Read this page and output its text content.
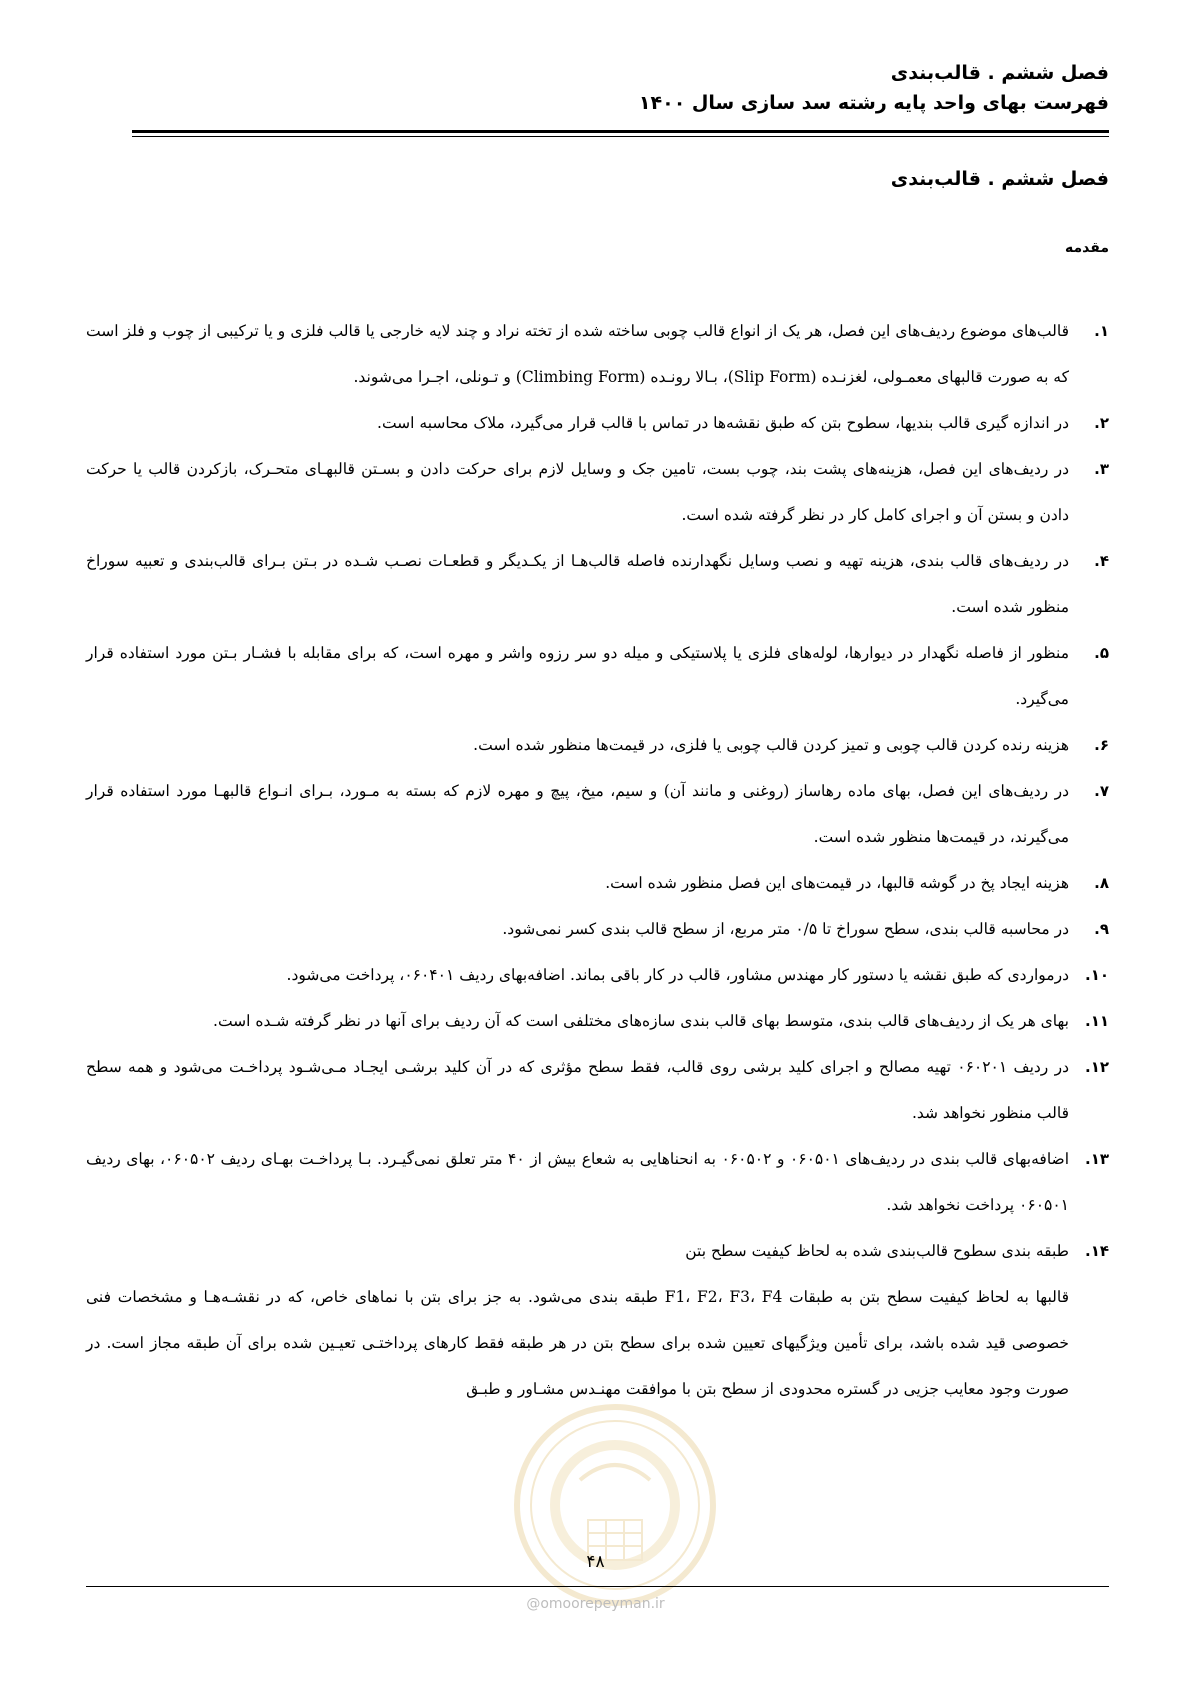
فصل ششم . قالب‌بندی
فهرست بهای واحد پایه رشته سد سازی سال ۱۴۰۰
فصل ششم . قالب‌بندی
مقدمه
۱.
قالب‌های موضوع ردیف‌های این فصل، هر یک از انواع قالب چوبی ساخته شده از تخته نراد و چند لایه خارجی یا قالب فلزی و یا ترکیبی از چوب و فلز است که به صورت قالبهای معمـولی، لغزنـده (Slip Form)، بـالا رونـده (Climbing Form) و تـونلی، اجـرا می‌شوند.
۲.
در اندازه گیری قالب بندیها، سطوح بتن که طبق نقشه‌ها در تماس با قالب قرار می‌گیرد، ملاک محاسبه است.
۳.
در ردیف‌های این فصل، هزینه‌های پشت بند، چوب بست، تامین جک و وسایل لازم برای حرکت دادن و بسـتن قالبهـای متحـرک، بازکردن قالب یا حرکت دادن و بستن آن و اجرای کامل کار در نظر گرفته شده است.
۴.
در ردیف‌های قالب بندی، هزینه تهیه و نصب وسایل نگهدارنده فاصله قالب‌هـا از یکـدیگر و قطعـات نصـب شـده در بـتن بـرای قالب‌بندی و تعبیه سوراخ منظور شده است.
۵.
منظور از فاصله نگهدار در دیوارها، لوله‌های فلزی یا پلاستیکی و میله دو سر رزوه واشر و مهره است، که برای مقابله با فشـار بـتن مورد استفاده قرار می‌گیرد.
۶.
هزینه رنده کردن قالب چوبی و تمیز کردن قالب چوبی یا فلزی، در قیمت‌ها منظور شده است.
۷.
در ردیف‌های این فصل، بهای ماده رهاساز (روغنی و مانند آن) و سیم، میخ، پیچ و مهره لازم که بسته به مـورد، بـرای انـواع قالبهـا مورد استفاده قرار می‌گیرند، در قیمت‌ها منظور شده است.
۸.
هزینه ایجاد پخ در گوشه قالبها، در قیمت‌های این فصل منظور شده است.
۹.
در محاسبه قالب بندی، سطح سوراخ تا ۰/۵ متر مربع، از سطح قالب بندی کسر نمی‌شود.
۱۰.
درمواردی که طبق نقشه یا دستور کار مهندس مشاور، قالب در کار باقی بماند. اضافه‌بهای ردیف ۰۶۰۴۰۱، پرداخت می‌شود.
۱۱.
بهای هر یک از ردیف‌های قالب بندی، متوسط بهای قالب بندی سازه‌های مختلفی است که آن ردیف برای آنها در نظر گرفته شـده است.
۱۲.
در ردیف ۰۶۰۲۰۱ تهیه مصالح و اجرای کلید برشی روی قالب، فقط سطح مؤثری که در آن کلید برشـی ایجـاد مـی‌شـود پرداخـت می‌شود و همه سطح قالب منظور نخواهد شد.
۱۳.
اضافه‌بهای قالب بندی در ردیف‌های ۰۶۰۵۰۱ و ۰۶۰۵۰۲ به انحناهایی به شعاع بیش از ۴۰ متر تعلق نمی‌گیـرد. بـا پرداخـت بهـای ردیف ۰۶۰۵۰۲، بهای ردیف ۰۶۰۵۰۱ پرداخت نخواهد شد.
۱۴.
طبقه بندی سطوح قالب‌بندی شده به لحاظ کیفیت سطح بتن
قالبها به لحاظ کیفیت سطح بتن به طبقات F1، F2، F3، F4 طبقه بندی می‌شود. به جز برای بتن با نماهای خاص، که در نقشـه‌هـا و مشخصات فنی خصوصی قید شده باشد، برای تأمین ویژگیهای تعیین شده برای سطح بتن در هر طبقه فقط کارهای پرداختـی تعیـین شده برای آن طبقه مجاز است. در صورت وجود معایب جزیی در گستره محدودی از سطح بتن با موافقت مهنـدس مشـاور و طبـق
۴۸
@omoorepeyman.ir
